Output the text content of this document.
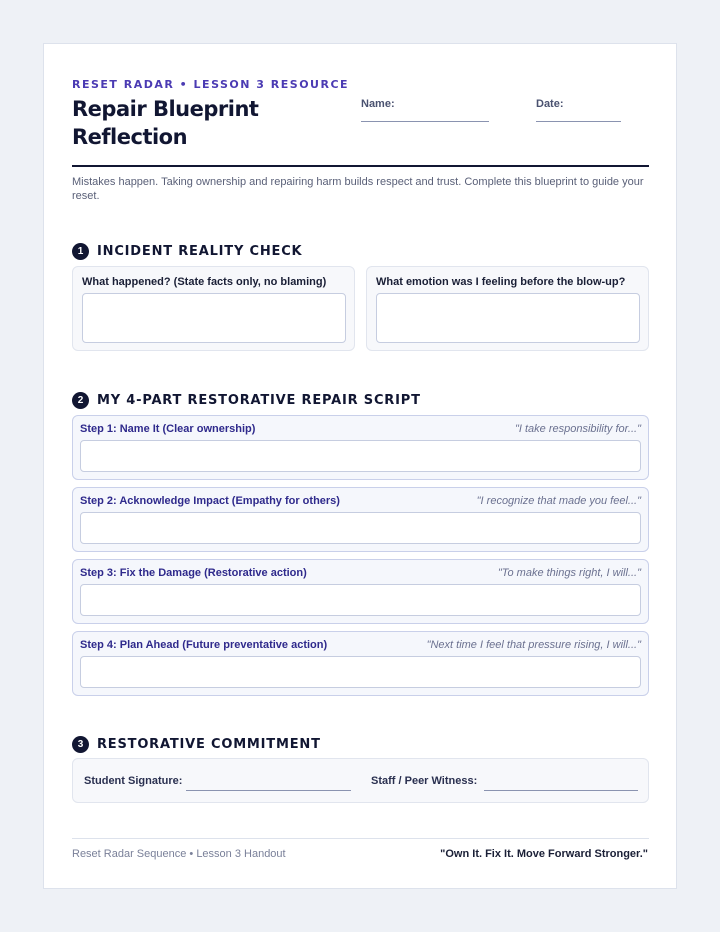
RESET RADAR • LESSON 3 RESOURCE
Repair Blueprint Reflection
Name:	Date:
Mistakes happen. Taking ownership and repairing harm builds respect and trust. Complete this blueprint to guide your reset.
1	INCIDENT REALITY CHECK
What happened? (State facts only, no blaming)	What emotion was I feeling before the blow-up?
2	MY 4-PART RESTORATIVE REPAIR SCRIPT
Step 1: Name It (Clear ownership)	"I take responsibility for..."
Step 2: Acknowledge Impact (Empathy for others)	"I recognize that made you feel..."
Step 3: Fix the Damage (Restorative action)	"To make things right, I will..."
Step 4: Plan Ahead (Future preventative action)	"Next time I feel that pressure rising, I will..."
3	RESTORATIVE COMMITMENT
Student Signature:	Staff / Peer Witness:
Reset Radar Sequence • Lesson 3 Handout	"Own It. Fix It. Move Forward Stronger."
